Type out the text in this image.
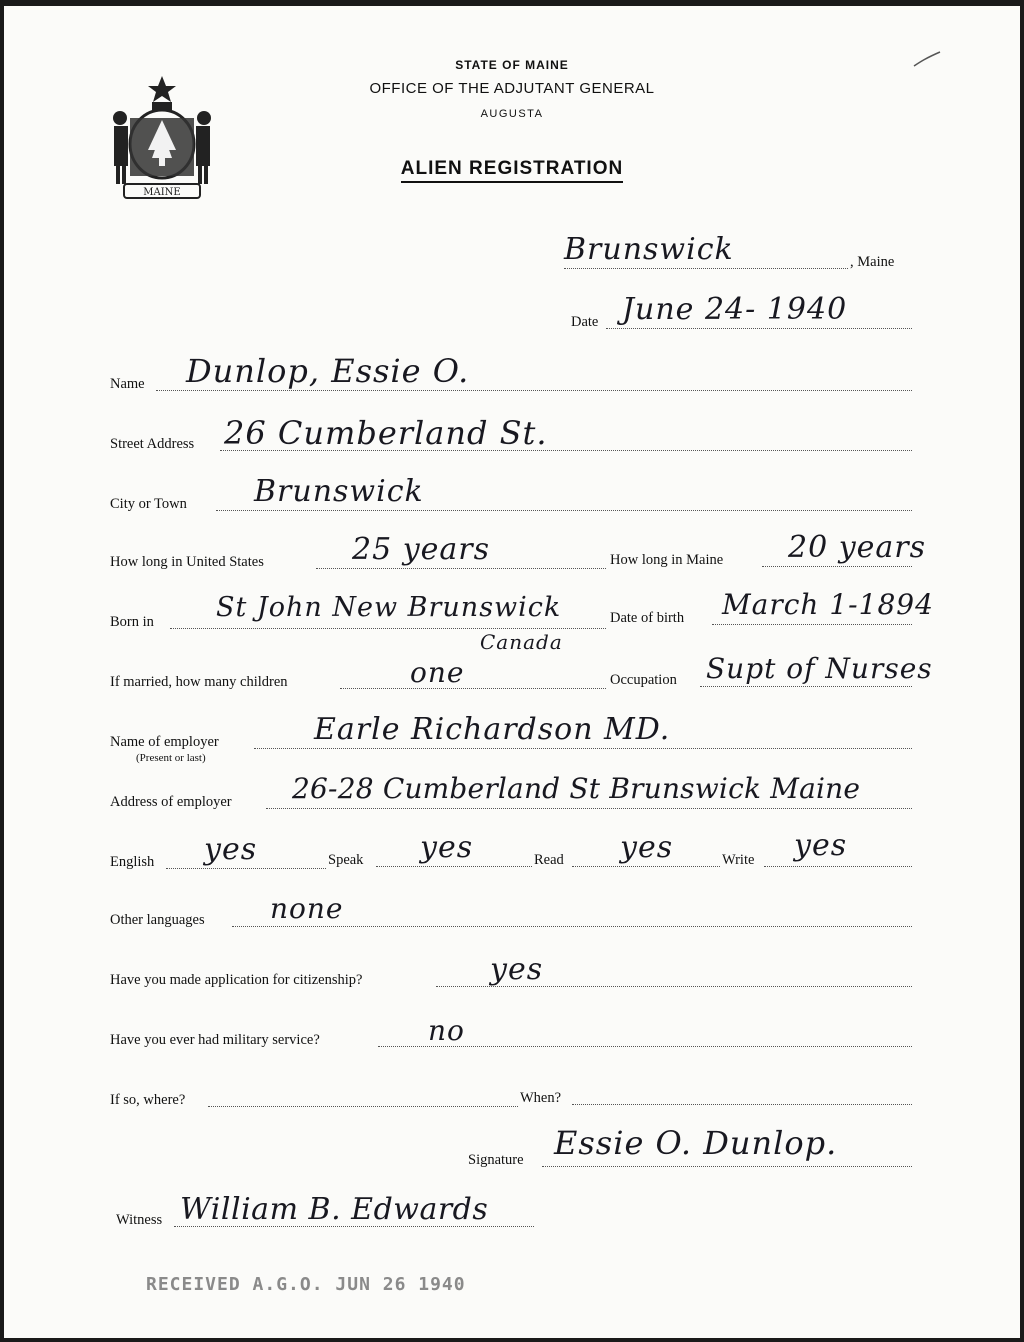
STATE OF MAINE
OFFICE OF THE ADJUTANT GENERAL
AUGUSTA
ALIEN REGISTRATION
MAINE
Brunswick	, Maine
Date June 24- 1940
Name Dunlop, Essie O.
Street Address 26 Cumberland St.
City or Town Brunswick
How long in United States	25 years	How long in Maine 20 years
Born in St John New Brunswick
Canada
Date of birth March 1-1894
If married, how many children	one	Occupation Supt of Nurses
Name of employer
(Present or last)
Earle Richardson MD.
Address of employer 26-28 Cumberland St Brunswick Maine
English yes	Speak yes	Read yes	Write yes
Other languages none
Have you made application for citizenship?	yes
Have you ever had military service?	no
If so, where?	When?
Signature Essie O. Dunlop.
Witness William B. Edwards
RECEIVED A.G.O. JUN 26 1940
